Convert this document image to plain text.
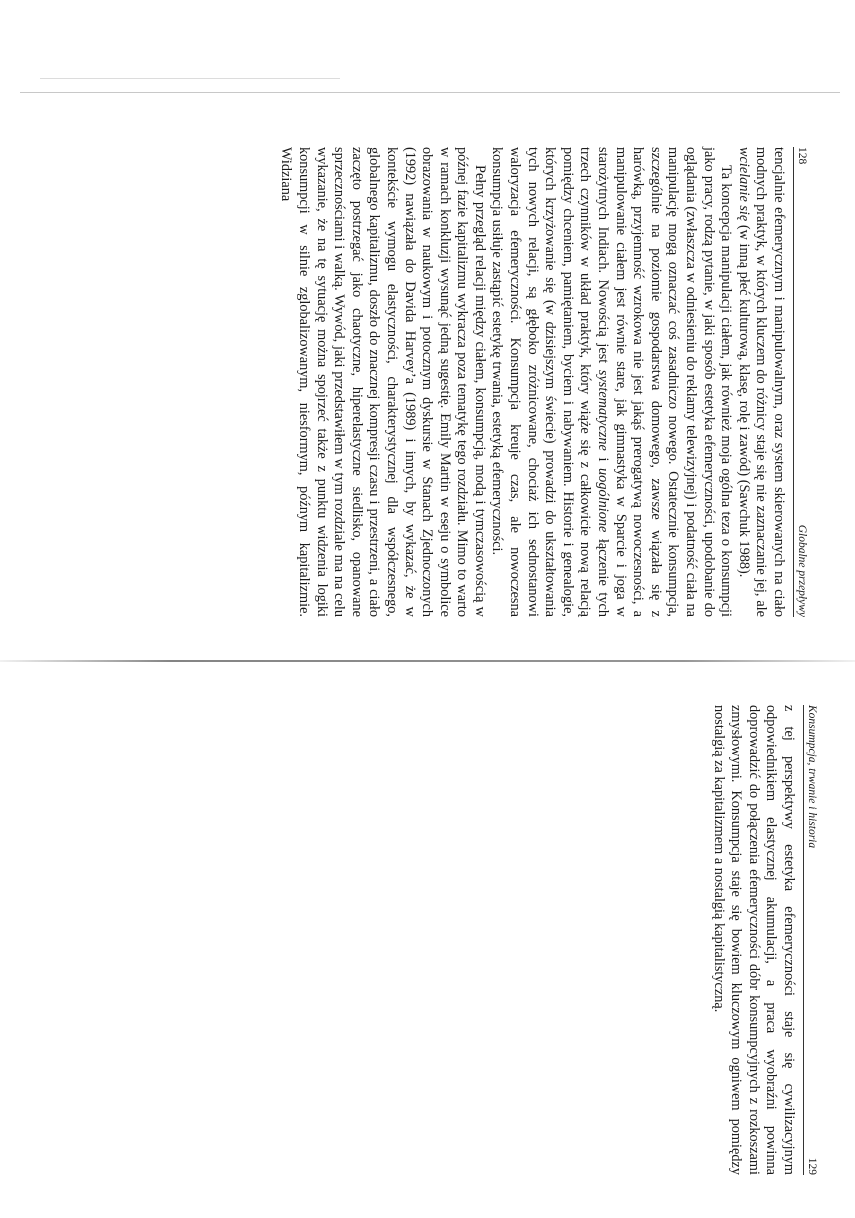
128
Globalne przepływy

tencjalnie efemerycznym i manipulowalnym, oraz system skierowanych na ciało modnych praktyk, w których kluczem do różnicy staje się nie zaznaczanie jej, ale wcielanie się (w inną płeć kulturową, klasę, rolę i zawód) (Sawchuk 1988).

Ta koncepcja manipulacji ciałem, jak również moja ogólna teza o konsumpcji jako pracy, rodzą pytanie, w jaki sposób estetyka efemeryczności, upodobanie do oglądania (zwłaszcza w odniesieniu do reklamy telewizyjnej) i podatność ciała na manipulację mogą oznaczać coś zasadniczo nowego. Ostatecznie konsumpcja, szczególnie na poziomie gospodarstwa domowego, zawsze wiązała się z harówką, przyjemność wzrokowa nie jest jakąś prerogatywą nowoczesności, a manipulowanie ciałem jest równie stare, jak gimnastyka w Sparcie i joga w starożytnych Indiach. Nowością jest systematyczne i uogólnione łączenie tych trzech czynników w układ praktyk, który wiąże się z całkowicie nową relacją pomiędzy chceniem, pamiętaniem, byciem i nabywaniem. Historie i genealogie, których krzyżowanie się (w dzisiejszym świecie) prowadzi do ukształtowania tych nowych relacji, są głęboko zróżnicowane, chociaż ich sednostanowi waloryzacja efemeryczności. Konsumpcja kreuje czas, ale nowoczesna konsumpcja usiłuje zastąpić estetykę trwania, estetyką efemeryczności.

Pełny przegląd relacji między ciałem, konsumpcją, modą i tymczasowością w późnej fazie kapitalizmu wykracza poza tematykę tego rozdziału. Mimo to warto w ramach konkluzji wysunąć jedną sugestię. Emily Martin w eseju o symbolice obrazowania w naukowym i potocznym dyskursie w Stanach Zjednoczonych (1992) nawiązała do Davida Harvey’a (1989) i innych, by wykazać, że w kontekście wymogu elastyczności, charakterystycznej dla współczesnego, globalnego kapitalizmu, doszło do znacznej kompresji czasu i przestrzeni, a ciało zaczęto postrzegać jako chaotyczne, hiperelastyczne siedlisko, opanowane sprzecznościami i walką. Wywód, jaki przedstawiłem w tym rozdziale ma na celu wykazanie, że na tę sytuację można spojrzeć także z punktu widzenia logiki konsumpcji w silnie zglobalizowanym, niesformym, późnym kapitalizmie. Widziana

Konsumpcja, trwanie i historia
129

z tej perspektywy estetyka efemeryczności staje się cywilizacyjnym odpowiednikiem elastycznej akumulacji, a praca wyobraźni powinna doprowadzić do połączenia efemeryczności dóbr konsumpcyjnych z rozkoszami zmysłowymi. Konsumpcja staje się bowiem kluczowym ogniwem pomiędzy nostalgią za kapitalizmem a nostalgią kapitalistyczną.
